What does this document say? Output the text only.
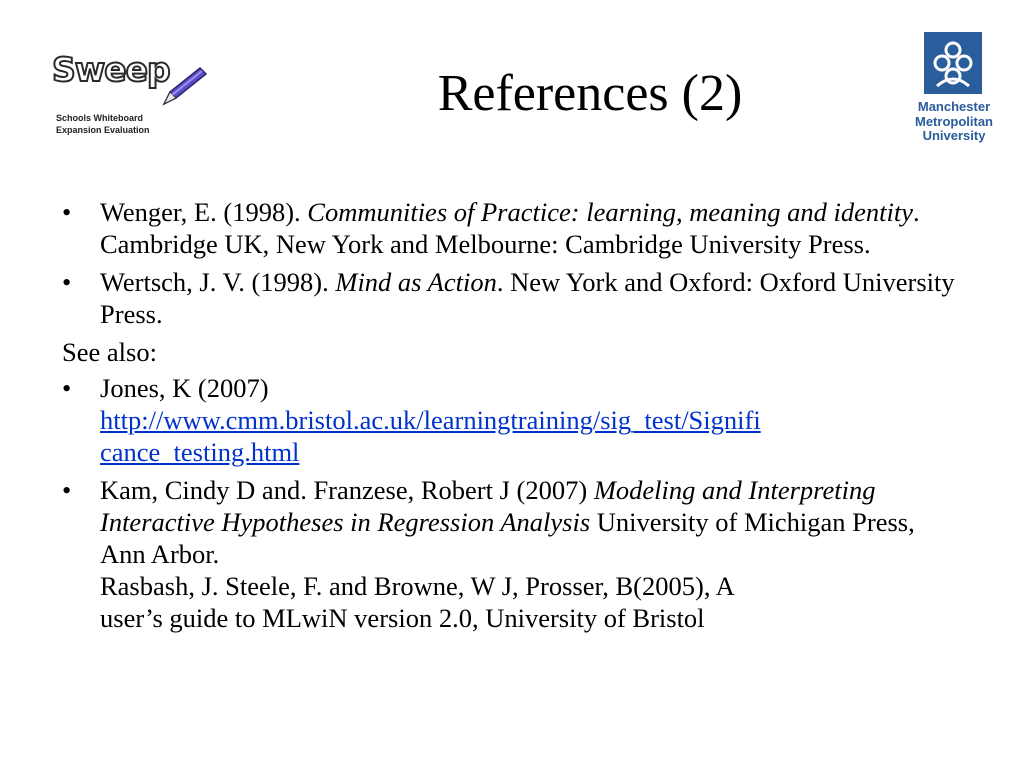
Sweep
Schools Whiteboard
Expansion Evaluation
References (2)	Manchester
Metropolitan
University
• Wenger, E. (1998). Communities of Practice: learning, meaning and identity. Cambridge UK, New York and Melbourne: Cambridge University Press.
• Wertsch, J. V. (1998). Mind as Action. New York and Oxford: Oxford University Press.
See also:
• Jones, K (2007)
http://www.cmm.bristol.ac.uk/learningtraining/sig_test/Signifi
cance_testing.html
• Kam, Cindy D and. Franzese, Robert J (2007) Modeling and Interpreting Interactive Hypotheses in Regression Analysis University of Michigan Press, Ann Arbor.
Rasbash, J. Steele, F. and Browne, W J, Prosser, B(2005), A
user’s guide to MLwiN version 2.0, University of Bristol
